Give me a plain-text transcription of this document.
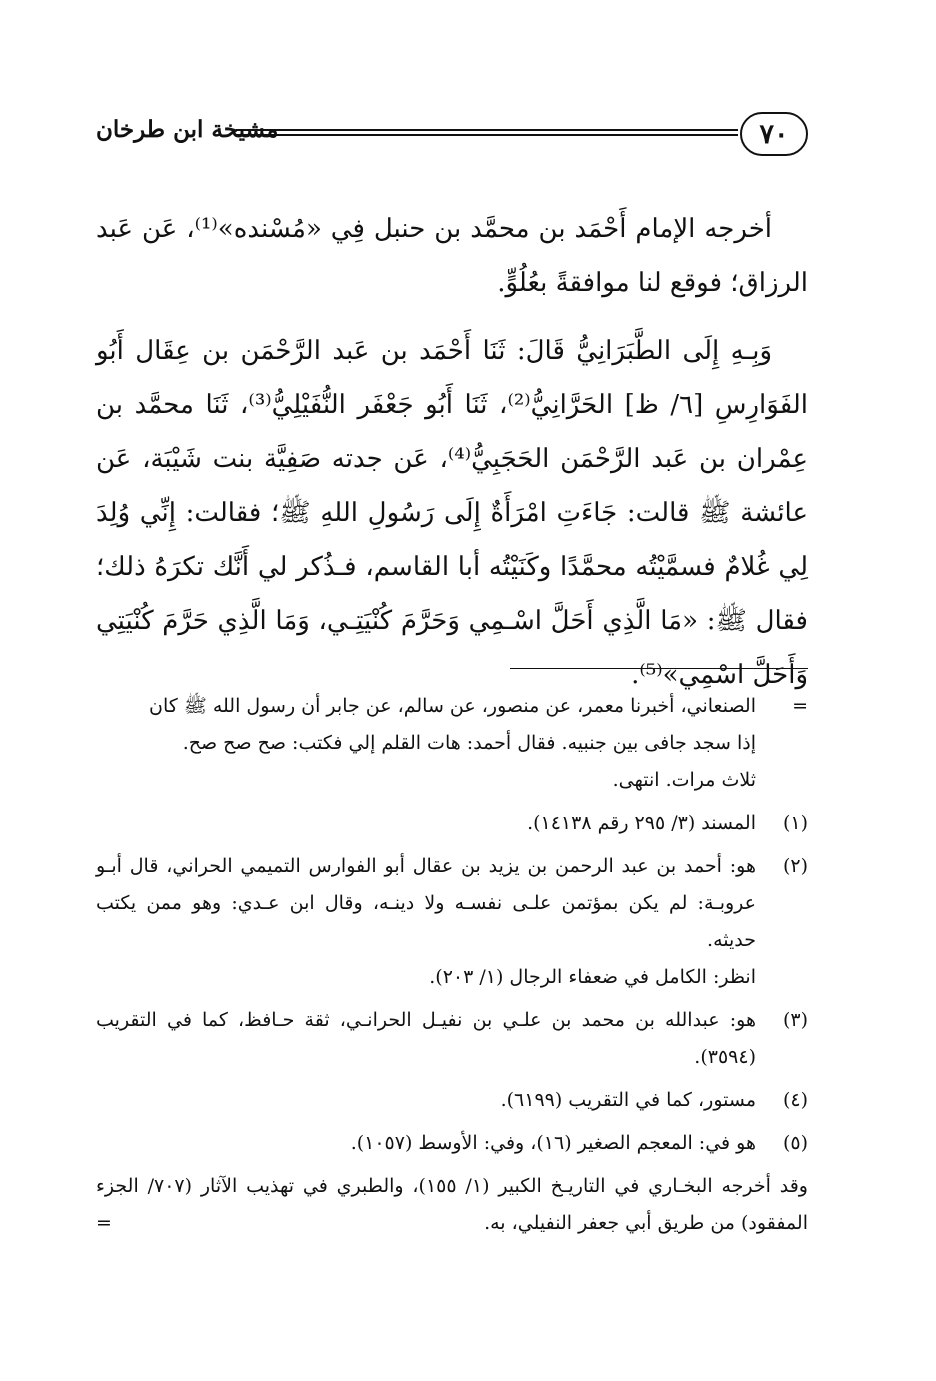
٧٠
مشيخة ابن طرخان

أخرجه الإمام أَحْمَد بن محمَّد بن حنبل فِي «مُسْنده»⁽¹⁾، عَن عَبد الرزاق؛ فوقع لنا موافقةً بعُلُوٍّ.

وَبِـهِ إِلَى الطَّبَرَانِيُّ قَالَ: ثَنَا أَحْمَد بن عَبد الرَّحْمَن بن عِقَال أَبُو الفَوَارِسِ [٦/ ظ] الحَرَّانِيُّ⁽²⁾، ثَنَا أَبُو جَعْفَر النُّفَيْلِيُّ⁽³⁾، ثَنَا محمَّد بن عِمْران بن عَبد الرَّحْمَن الحَجَبِيُّ⁽⁴⁾، عَن جدته صَفِيَّة بنت شَيْبَة، عَن عائشة ﷺ قالت: جَاءَتِ امْرَأَةٌ إِلَى رَسُولِ اللهِ ﷺ؛ فقالت: إِنِّي وُلِدَ لِي غُلامٌ فسمَّيْتُه محمَّدًا وكَنَيْتُه أبا القاسم، فـذُكر لي أَنَّك تكرَهُ ذلك؛ فقال ﷺ: «مَا الَّذِي أَحَلَّ اسْـمِي وَحَرَّمَ كُنْيَتِـي، وَمَا الَّذِي حَرَّمَ كُنْيَتِي وَأَحَلَّ اسْمِي»⁽⁵⁾.

=

الصنعاني، أخبرنا معمر، عن منصور، عن سالم، عن جابر أن رسول الله ﷺ كان

إذا سجد جافى بين جنبيه. فقال أحمد: هات القلم إلي فكتب: صح صح صح.

ثلاث مرات. انتهى.

(١)

المسند (٣/ ٢٩٥ رقم ١٤١٣٨).

(٢)

هو: أحمد بن عبد الرحمن بن يزيد بن عقال أبو الفوارس التميمي الحراني، قال أبـو عروبـة: لم يكن بمؤتمن علـى نفسـه ولا دينـه، وقال ابن عـدي: وهو ممن يكتب حديثه.

انظر: الكامل في ضعفاء الرجال (١/ ٢٠٣).

(٣)

هو: عبدالله بن محمد بن علـي بن نفيـل الحرانـي، ثقة حـافظ، كما في التقريب (٣٥٩٤).

(٤)

مستور، كما في التقريب (٦١٩٩).

(٥)

هو في: المعجم الصغير (١٦)، وفي: الأوسط (١٠٥٧).

وقد أخرجه البخـاري في التاريـخ الكبير (١/ ١٥٥)، والطبري في تهذيب الآثار (٧٠٧/ الجزء المفقود) من طريق أبي جعفر النفيلي، به.

=
